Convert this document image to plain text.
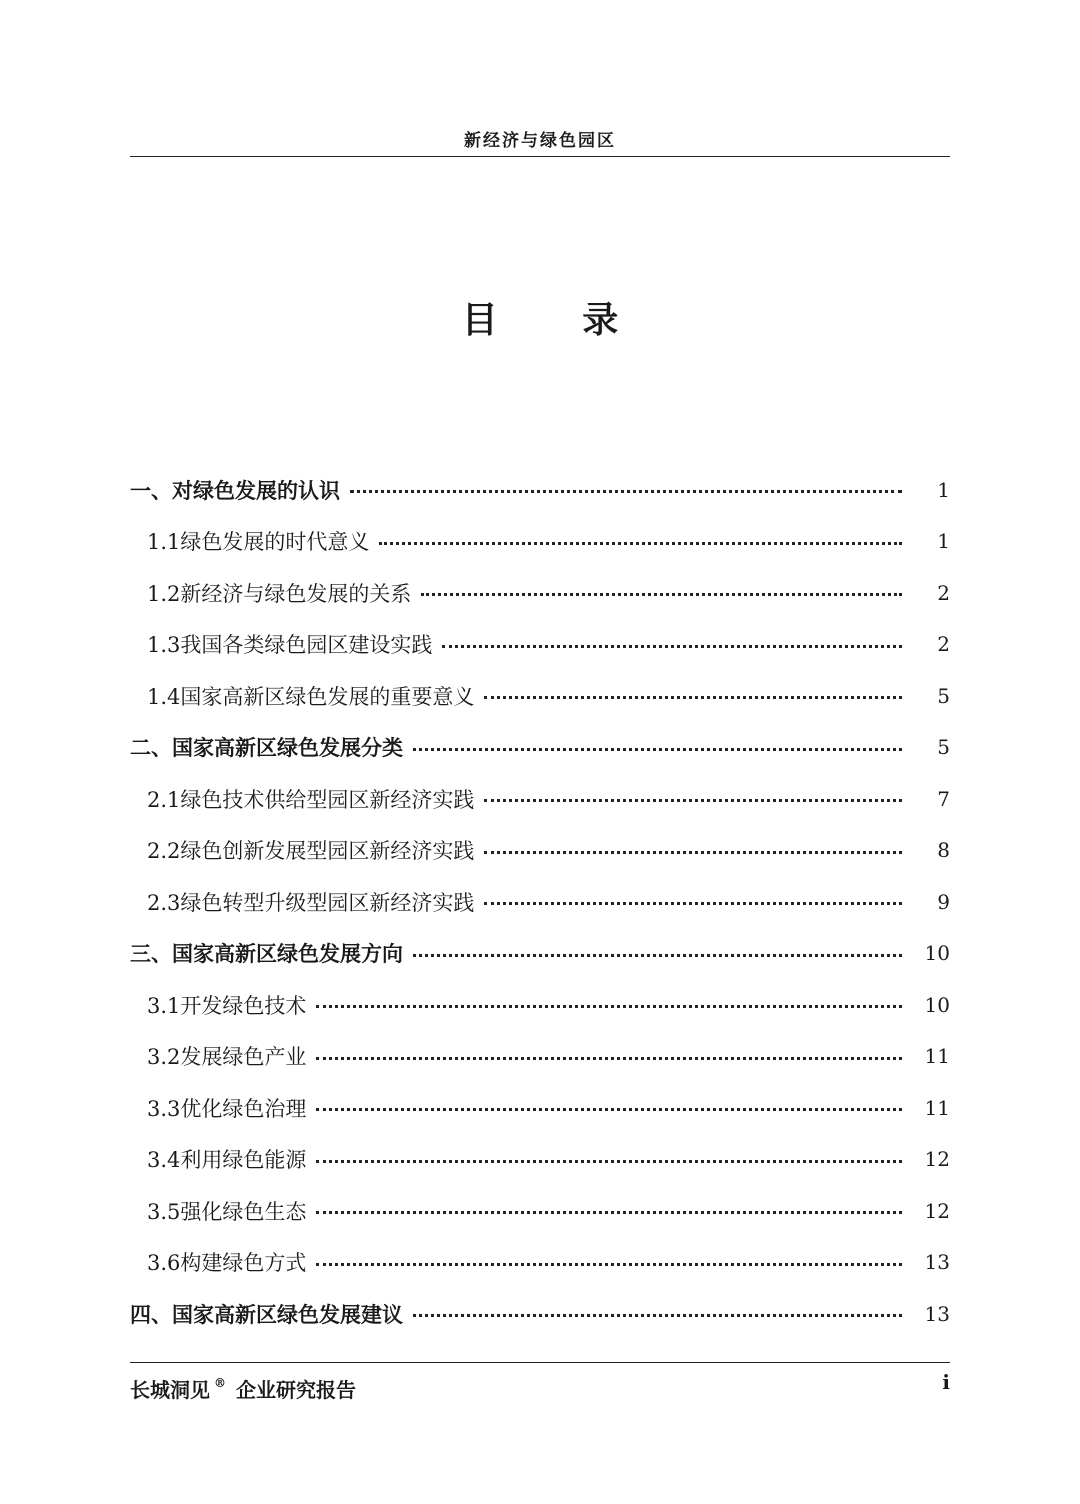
新经济与绿色园区
目 录
一、对绿色发展的认识	1
1.1绿色发展的时代意义	1
1.2新经济与绿色发展的关系	2
1.3我国各类绿色园区建设实践	2
1.4国家高新区绿色发展的重要意义	5
二、国家高新区绿色发展分类	5
2.1绿色技术供给型园区新经济实践	7
2.2绿色创新发展型园区新经济实践	8
2.3绿色转型升级型园区新经济实践	9
三、国家高新区绿色发展方向	10
3.1开发绿色技术	10
3.2发展绿色产业	11
3.3优化绿色治理	11
3.4利用绿色能源	12
3.5强化绿色生态	12
3.6构建绿色方式	13
四、国家高新区绿色发展建议	13
长城洞见 ® 企业研究报告	i
